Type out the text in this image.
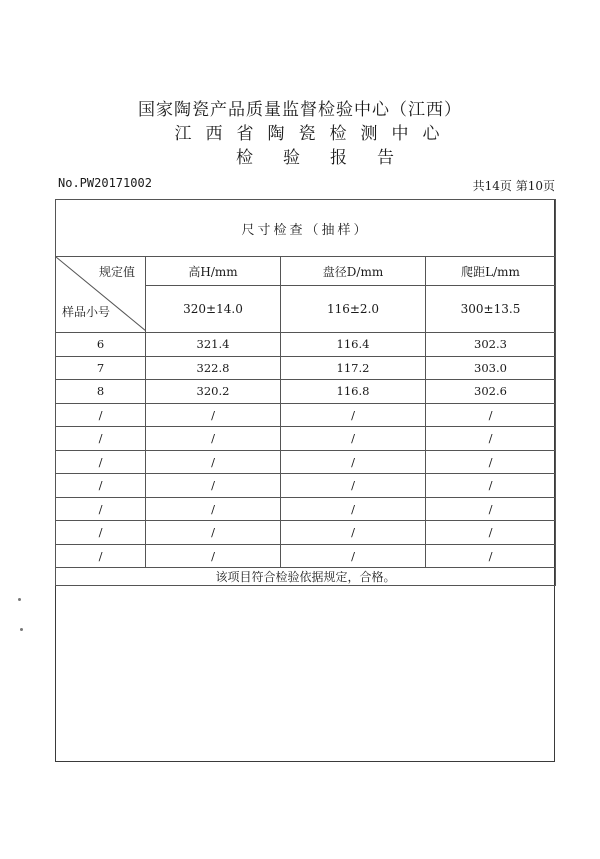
国家陶瓷产品质量监督检验中心（江西）
江西省陶瓷检测中心
检验报告
No.PW20171002	共14页 第10页
尺寸检查（抽样）			

规定值
样品小号	高H/mm	盘径D/mm	爬距L/mm
	320±14.0	116±2.0	300±13.5
6	321.4	116.4	302.3
7	322.8	117.2	303.0
8	320.2	116.8	302.6
/	/	/	/
/	/	/	/
/	/	/	/
/	/	/	/
/	/	/	/
/	/	/	/
/	/	/	/
该项目符合检验依据规定，合格。			
